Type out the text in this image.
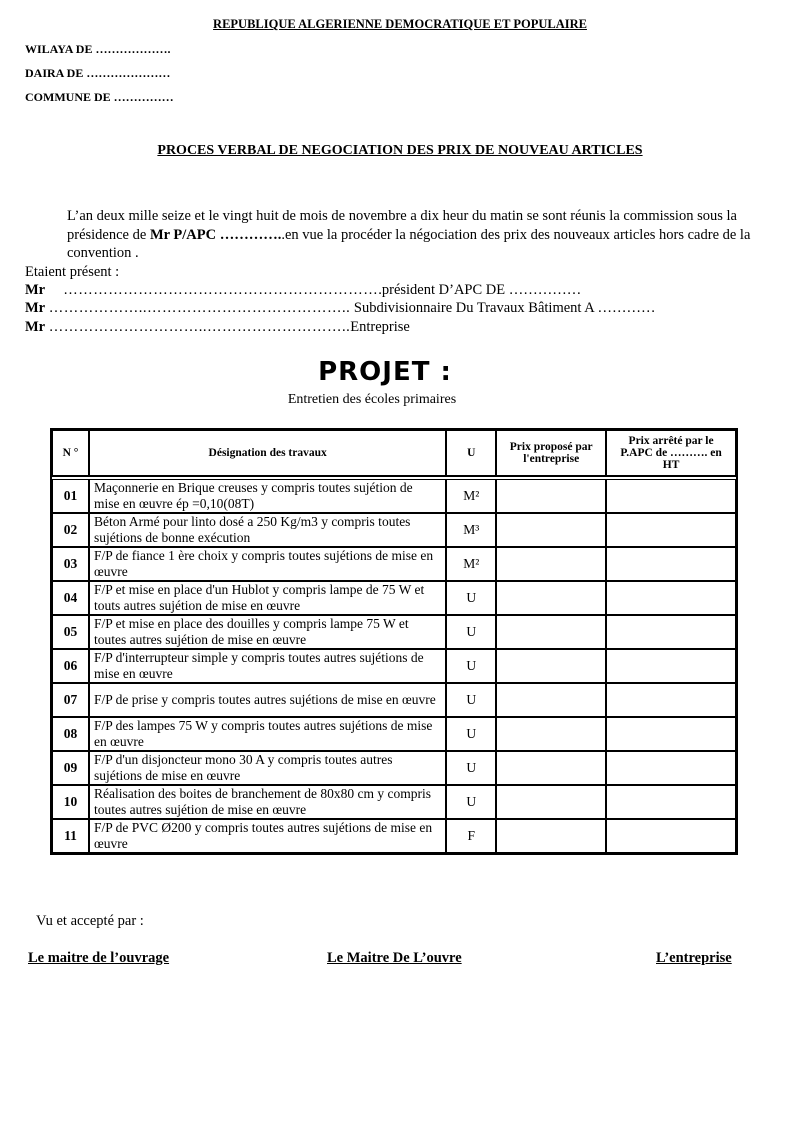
REPUBLIQUE ALGERIENNE DEMOCRATIQUE ET POPULAIRE
WILAYA DE ……………….
DAIRA DE …………………
COMMUNE DE ……………
PROCES VERBAL DE NEGOCIATION DES PRIX DE NOUVEAU ARTICLES
L’an deux mille seize et le vingt huit de mois de novembre a dix heur du matin se sont réunis la commission sous la présidence de Mr P/APC …………..en vue la procéder la négociation des prix des nouveaux articles hors cadre de la convention .
Etaient présent :
Mr ……………………………………………………….président D’APC DE ……………
Mr ………………..………………………………….. Subdivisionnaire Du Travaux Bâtiment A …………
Mr …………………………..………………………..Entreprise
PROJET :
Entretien des écoles primaires
N °	Désignation des travaux	U	Prix proposé par l'entreprise	Prix arrêté par le P.APC de ………. en HT

01	Maçonnerie en Brique creuses y compris toutes sujétion de mise en œuvre ép =0,10(08T)	M²		
02	Béton Armé pour linto dosé a 250 Kg/m3 y compris toutes sujétions de bonne exécution	M³		
03	F/P de fiance 1 ère choix y compris toutes sujétions de mise en œuvre	M²		
04	F/P et mise en place d'un Hublot y compris lampe de 75 W et touts autres sujétion de mise en œuvre	U		
05	F/P et mise en place des douilles y compris lampe 75 W et toutes autres sujétion de mise en œuvre	U		
06	F/P d'interrupteur simple y compris toutes autres sujétions de mise en œuvre	U		
07	F/P de prise y compris toutes autres sujétions de mise en œuvre	U		
08	F/P des lampes 75 W y compris toutes autres sujétions de mise en œuvre	U		
09	F/P d'un disjoncteur mono 30 A y compris toutes autres sujétions de mise en œuvre	U		
10	Réalisation des boites de branchement de 80x80 cm y compris toutes autres sujétion de mise en œuvre	U		
11	F/P de PVC Ø200 y compris toutes autres sujétions de mise en œuvre	F		
Vu et accepté par :
Le maitre de l’ouvrage	Le Maitre De L’ouvre	L’entreprise
